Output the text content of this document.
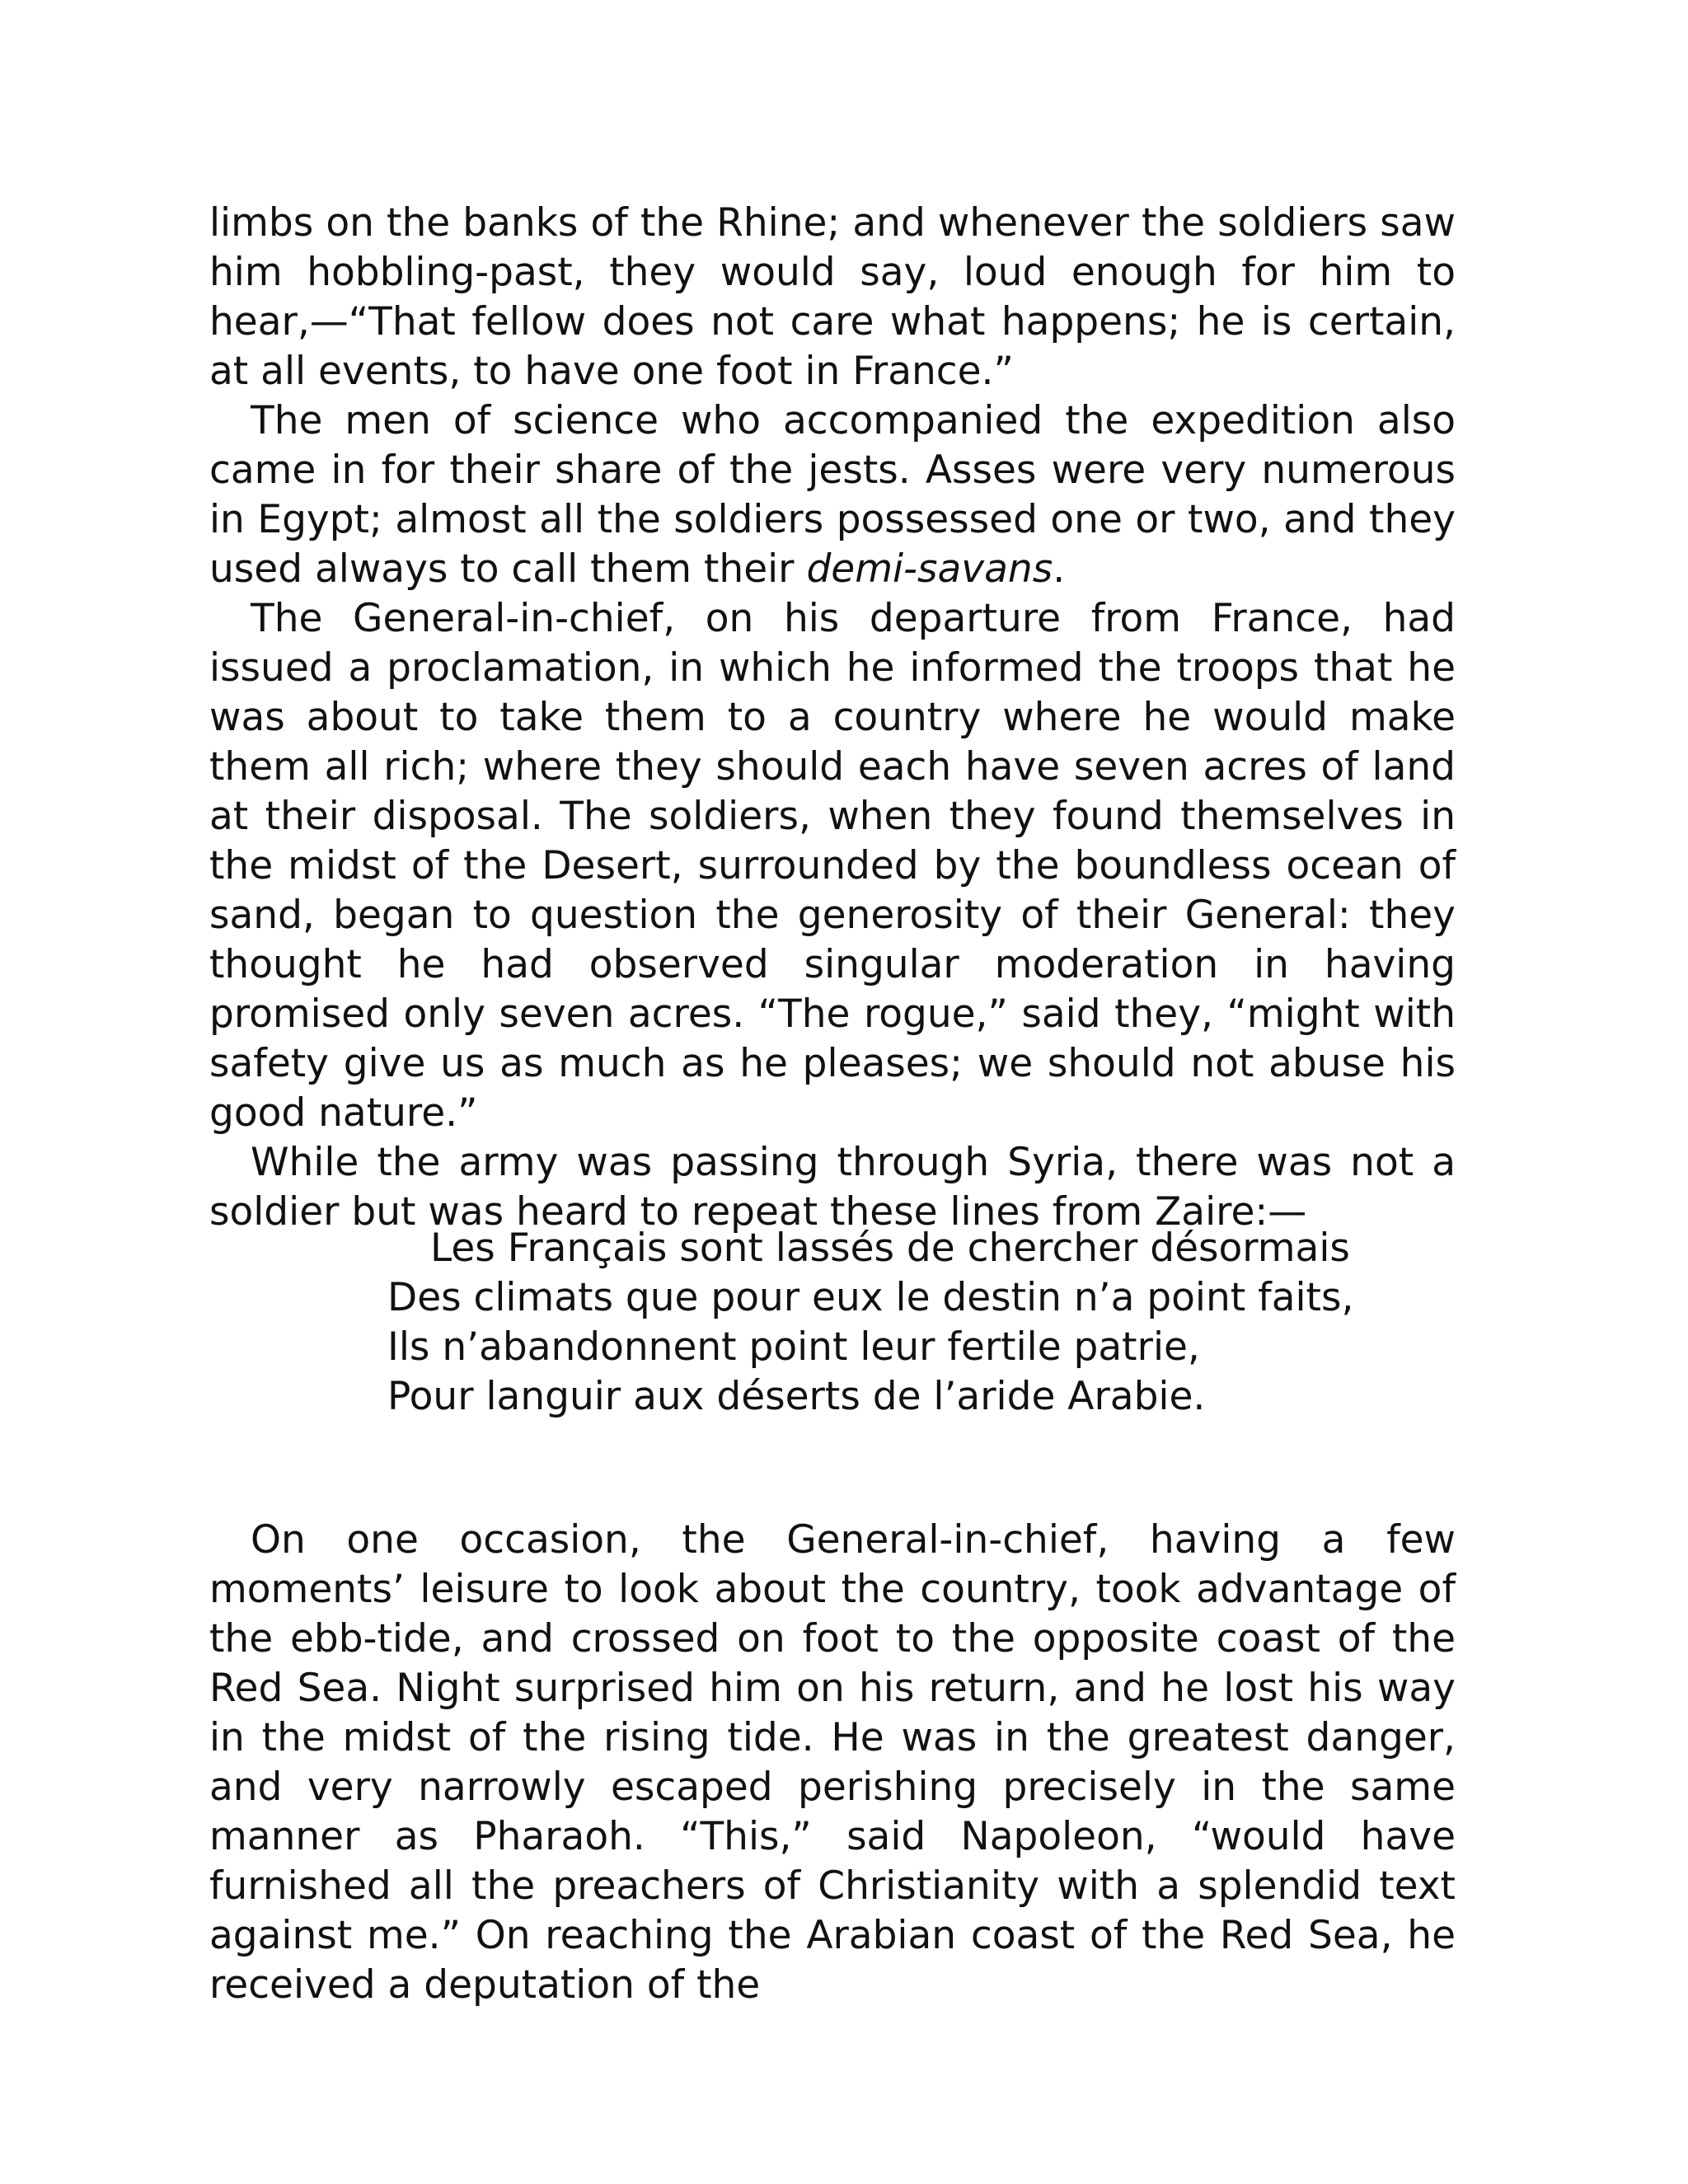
limbs on the banks of the Rhine; and whenever the soldiers saw him hobbling-past, they would say, loud enough for him to hear,—“That fellow does not care what happens; he is certain, at all events, to have one foot in France.”

The men of science who accompanied the expedition also came in for their share of the jests. Asses were very numerous in Egypt; almost all the soldiers possessed one or two, and they used always to call them their demi-savans.

The General-in-chief, on his departure from France, had issued a proclamation, in which he informed the troops that he was about to take them to a country where he would make them all rich; where they should each have seven acres of land at their disposal. The soldiers, when they found themselves in the midst of the Desert, surrounded by the boundless ocean of sand, began to question the generosity of their General: they thought he had observed singular moderation in having promised only seven acres. “The rogue,” said they, “might with safety give us as much as he pleases; we should not abuse his good nature.”

While the army was passing through Syria, there was not a soldier but was heard to repeat these lines from Zaire:—

Les Français sont lassés de chercher désormais
Des climats que pour eux le destin n’a point faits,
Ils n’abandonnent point leur fertile patrie,
Pour languir aux déserts de l’aride Arabie.

On one occasion, the General-in-chief, having a few moments’ leisure to look about the country, took advantage of the ebb-tide, and crossed on foot to the opposite coast of the Red Sea. Night surprised him on his return, and he lost his way in the midst of the rising tide. He was in the greatest danger, and very narrowly escaped perishing precisely in the same manner as Pharaoh. “This,” said Napoleon, “would have furnished all the preachers of Christianity with a splendid text against me.” On reaching the Arabian coast of the Red Sea, he received a deputation of the
